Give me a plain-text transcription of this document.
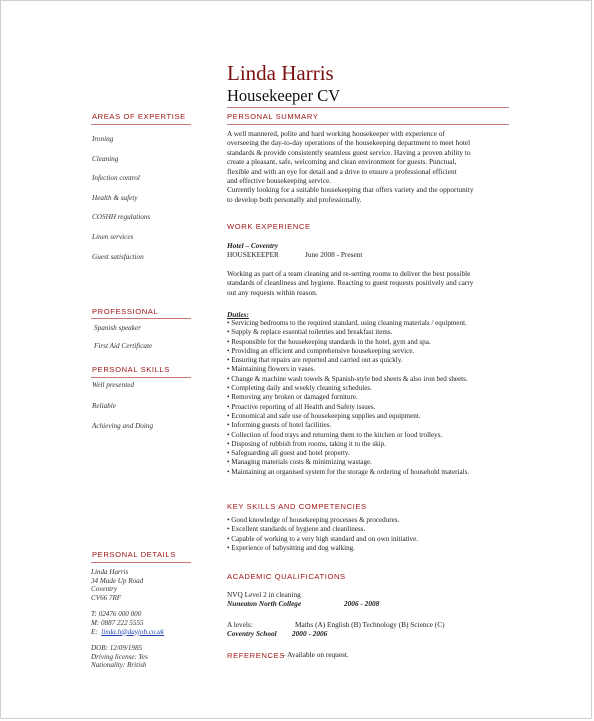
Linda Harris
Housekeeper CV
AREAS OF EXPERTISE
Ironing
Cleaning
Infection control
Health & safety
COSHH regulations
Linen services
Guest satisfaction
PROFESSIONAL
Spanish speaker
First Aid Certificate
PERSONAL SKILLS
Well presented
Reliable
Achieving and Doing
PERSONAL DETAILS
Linda Harris
34 Made Up Road
Coventry
CV66 7RF
T: 02476 000 000
M: 0887 222 5555
E: linda.h@dayjob.co.uk
DOB: 12/09/1985
Driving license: Yes
Nationality: British
PERSONAL SUMMARY
A well mannered, polite and hard working housekeeper with experience of
overseeing the day-to-day operations of the housekeeping department to meet hotel
standards & provide consistently seamless guest service. Having a proven ability to
create a pleasant, safe, welcoming and clean environment for guests. Punctual,
flexible and with an eye for detail and a drive to ensure a professional efficient
and effective housekeeping service.
Currently looking for a suitable housekeeping that offers variety and the opportunity
to develop both personally and professionally.
WORK EXPERIENCE
Hotel – Coventry
HOUSEKEEPER	June 2008 - Present
Working as part of a team cleaning and re-setting rooms to deliver the best possible
standards of cleanliness and hygiene. Reacting to guest requests positively and carry
out any requests within reason.
Duties:
• Servicing bedrooms to the required standard, using cleaning materials / equipment.
• Supply & replace essential toiletries and breakfast items.
• Responsible for the housekeeping standards in the hotel, gym and spa.
• Providing an efficient and comprehensive housekeeping service.
• Ensuring that repairs are reported and carried out as quickly.
• Maintaining flowers in vases.
• Change & machine wash towels & Spanish-style bed sheets & also iron bed sheets.
• Completing daily and weekly cleaning schedules.
• Removing any broken or damaged furniture.
• Proactive reporting of all Health and Safety issues.
• Economical and safe use of housekeeping supplies and equipment.
• Informing guests of hotel facilities.
• Collection of food trays and returning them to the kitchen or food trolleys.
• Disposing of rubbish from rooms, taking it to the skip.
• Safeguarding all guest and hotel property.
• Managing materials costs & minimizing wastage.
• Maintaining an organised system for the storage & ordering of household materials.
KEY SKILLS AND COMPETENCIES
• Good knowledge of housekeeping processes & procedures.
• Excellent standards of hygiene and cleanliness.
• Capable of working to a very high standard and on own initiative.
• Experience of babysitting and dog walking.
ACADEMIC QUALIFICATIONS
NVQ Level 2 in cleaning
Nuneaton North College	2006 - 2008
A levels:	Maths (A) English (B) Technology (B) Science (C)
Coventry School 2000 - 2006
REFERENCES
– Available on request.
